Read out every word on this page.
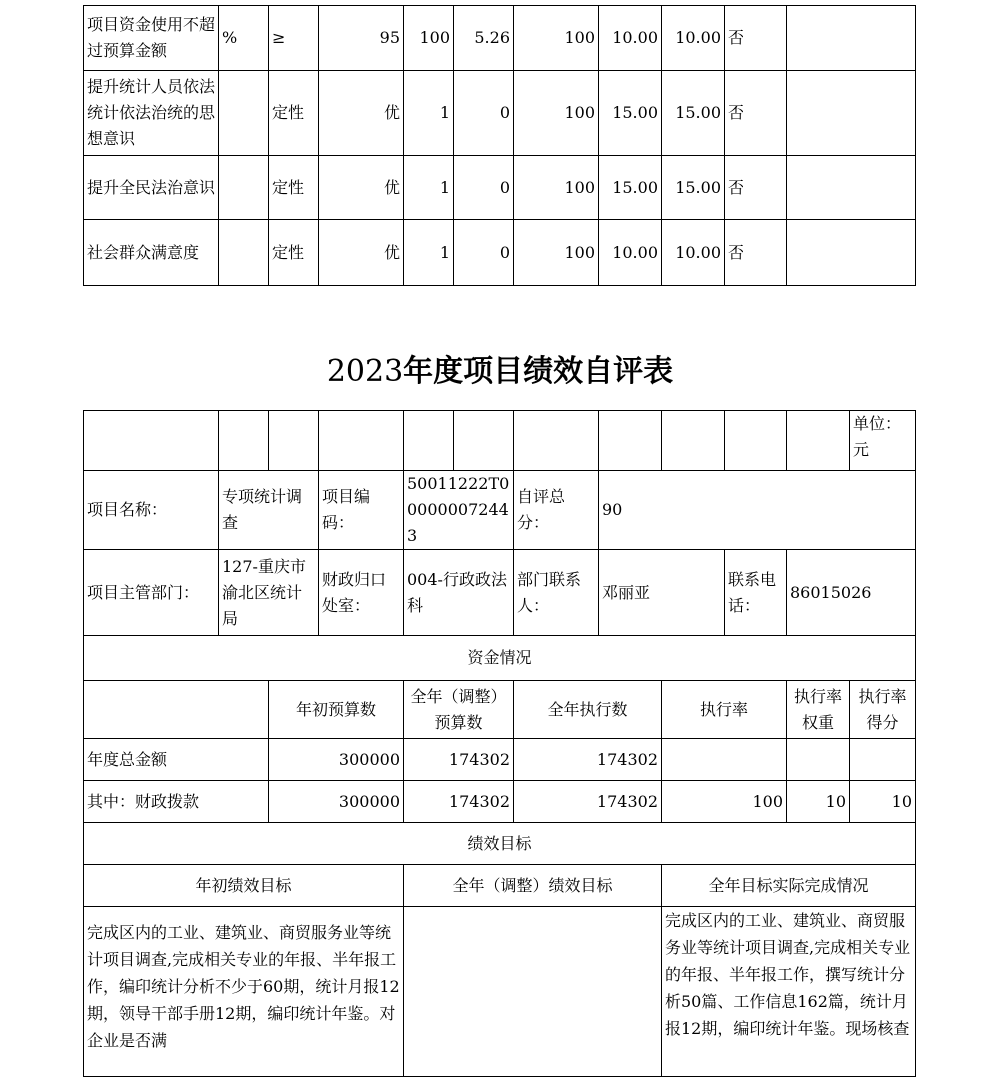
项目资金使用不超过预算金额	%	≥	95	100	5.26	100	10.00	10.00	否	
提升统计人员依法统计依法治统的思想意识		定性	优	1	0	100	15.00	15.00	否	
提升全民法治意识		定性	优	1	0	100	15.00	15.00	否	
社会群众满意度		定性	优	1	0	100	10.00	10.00	否	
2023年度项目绩效自评表
											单位：元
项目名称：	专项统计调查		项目编码：	50011222T000000072443		自评总分：	90				
项目主管部门：	127-重庆市渝北区统计局		财政归口处室：	004-行政政法科		部门联系人：	邓丽亚		联系电话：	86015026	
资金情况											
		年初预算数		全年（调整）预算数		全年执行数		执行率		执行率权重	执行率得分
年度总金额		300000		174302		174302					
其中：财政拨款		300000		174302		174302		100		10	10
绩效目标											
年初绩效目标				全年（调整）绩效目标				全年目标实际完成情况			
完成区内的工业、建筑业、商贸服务业等统计项目调查,完成相关专业的年报、半年报工作，编印统计分析不少于60期，统计月报12期，领导干部手册12期，编印统计年鉴。对企业是否满								完成区内的工业、建筑业、商贸服务业等统计项目调查,完成相关专业的年报、半年报工作，撰写统计分析50篇、工作信息162篇，统计月报12期，编印统计年鉴。现场核查			
